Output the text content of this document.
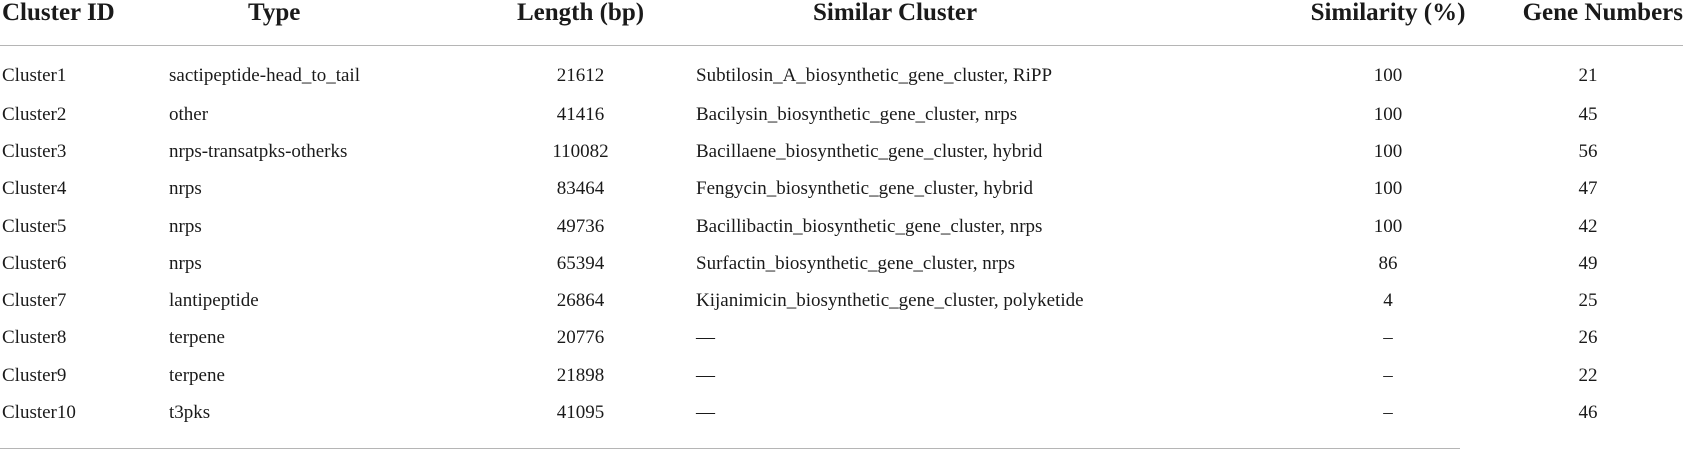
Cluster ID	Type	Length (bp)	Similar Cluster	Similarity (%)	Gene Numbers
Cluster1	sactipeptide-head_to_tail	21612	Subtilosin_A_biosynthetic_gene_cluster, RiPP	100	21
Cluster2	other	41416	Bacilysin_biosynthetic_gene_cluster, nrps	100	45
Cluster3	nrps-transatpks-otherks	110082	Bacillaene_biosynthetic_gene_cluster, hybrid	100	56
Cluster4	nrps	83464	Fengycin_biosynthetic_gene_cluster, hybrid	100	47
Cluster5	nrps	49736	Bacillibactin_biosynthetic_gene_cluster, nrps	100	42
Cluster6	nrps	65394	Surfactin_biosynthetic_gene_cluster, nrps	86	49
Cluster7	lantipeptide	26864	Kijanimicin_biosynthetic_gene_cluster, polyketide	4	25
Cluster8	terpene	20776	—	–	26
Cluster9	terpene	21898	—	–	22
Cluster10	t3pks	41095	—	–	46
